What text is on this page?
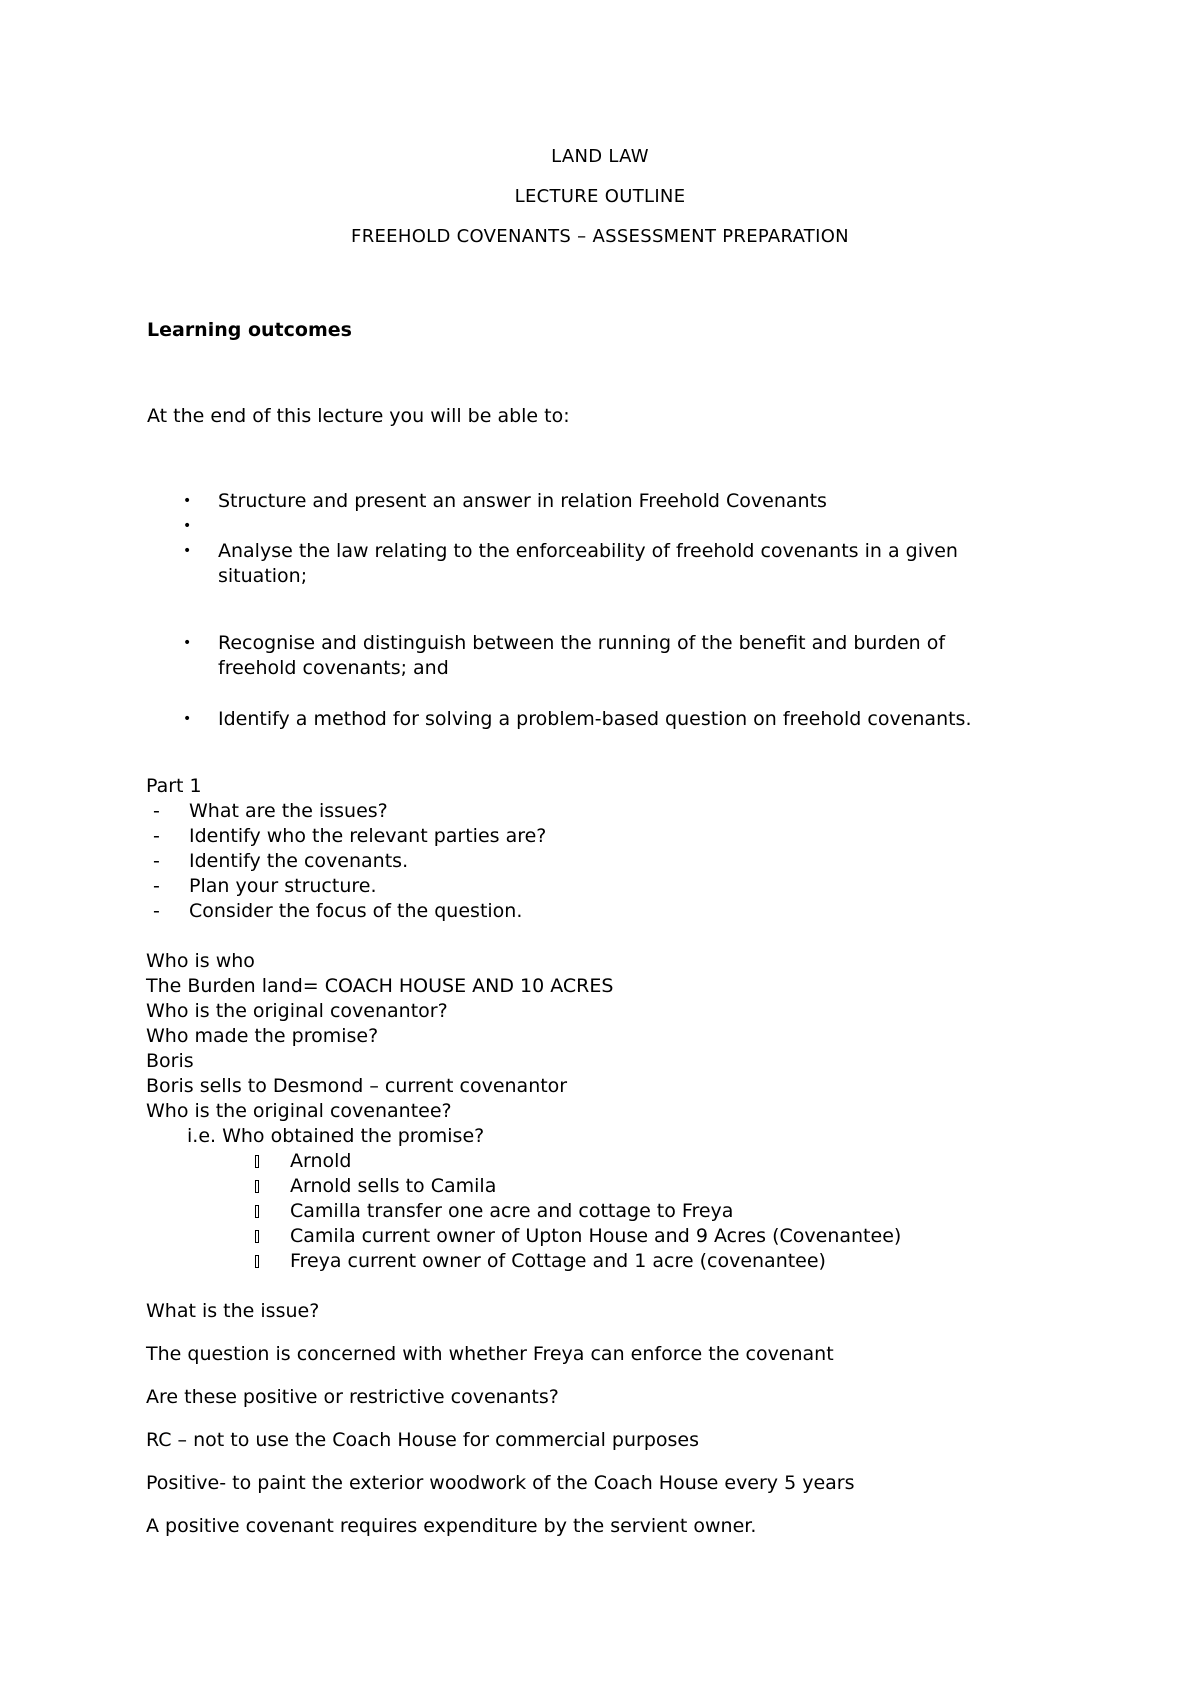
LAND LAW
LECTURE OUTLINE
FREEHOLD COVENANTS – ASSESSMENT PREPARATION
Learning outcomes
At the end of this lecture you will be able to:
• Structure and present an answer in relation Freehold Covenants
•
• Analyse the law relating to the enforceability of freehold covenants in a given
situation;
• Recognise and distinguish between the running of the benefit and burden of
freehold covenants; and
• Identify a method for solving a problem-based question on freehold covenants.
Part 1
- What are the issues?
- Identify who the relevant parties are?
- Identify the covenants.
- Plan your structure.
- Consider the focus of the question.
Who is who
The Burden land= COACH HOUSE AND 10 ACRES
Who is the original covenantor?
Who made the promise?
Boris
Boris sells to Desmond – current covenantor
Who is the original covenantee?
i.e. Who obtained the promise?
Arnold
Arnold sells to Camila
Camilla transfer one acre and cottage to Freya
Camila current owner of Upton House and 9 Acres (Covenantee)
Freya current owner of Cottage and 1 acre (covenantee)
What is the issue?
The question is concerned with whether Freya can enforce the covenant
Are these positive or restrictive covenants?
RC – not to use the Coach House for commercial purposes
Positive- to paint the exterior woodwork of the Coach House every 5 years
A positive covenant requires expenditure by the servient owner.
